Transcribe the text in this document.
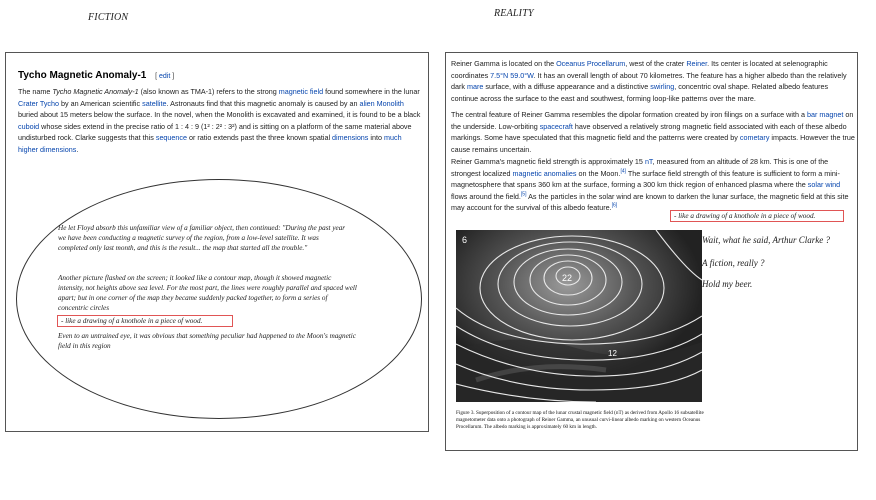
FICTION	REALITY
Tycho Magnetic Anomaly-1 [ edit ]
The name Tycho Magnetic Anomaly-1 (also known as TMA-1) refers to the strong magnetic field found somewhere in the lunar Crater Tycho by an American scientific satellite. Astronauts find that this magnetic anomaly is caused by an alien Monolith buried about 15 meters below the surface. In the novel, when the Monolith is excavated and examined, it is found to be a black cuboid whose sides extend in the precise ratio of 1 : 4 : 9 (1² : 2² : 3²) and is sitting on a platform of the same material above undisturbed rock. Clarke suggests that this sequence or ratio extends past the three known spatial dimensions into much higher dimensions.
He let Floyd absorb this unfamiliar view of a familiar object, then continued: "During the past year we have been conducting a magnetic survey of the region, from a low-level satellite. It was completed only last month, and this is the result... the map that started all the trouble."
Another picture flashed on the screen; it looked like a contour map, though it showed magnetic intensity, not heights above sea level. For the most part, the lines were roughly parallel and spaced well apart; but in one corner of the map they became suddenly packed together, to form a series of concentric circles
- like a drawing of a knothole in a piece of wood.
Even to an untrained eye, it was obvious that something peculiar had happened to the Moon's magnetic field in this region
Reiner Gamma is located on the Oceanus Procellarum, west of the crater Reiner. Its center is located at selenographic coordinates 7.5°N 59.0°W. It has an overall length of about 70 kilometres. The feature has a higher albedo than the relatively dark mare surface, with a diffuse appearance and a distinctive swirling, concentric oval shape. Related albedo features continue across the surface to the east and southwest, forming loop-like patterns over the mare.
The central feature of Reiner Gamma resembles the dipolar formation created by iron filings on a surface with a bar magnet on the underside. Low-orbiting spacecraft have observed a relatively strong magnetic field associated with each of these albedo markings. Some have speculated that this magnetic field and the patterns were created by cometary impacts. However the true cause remains uncertain.
Reiner Gamma's magnetic field strength is approximately 15 nT, measured from an altitude of 28 km. This is one of the strongest localized magnetic anomalies on the Moon.[4] The surface field strength of this feature is sufficient to form a mini-magnetosphere that spans 360 km at the surface, forming a 300 km thick region of enhanced plasma where the solar wind flows around the field.[5] As the particles in the solar wind are known to darken the lunar surface, the magnetic field at this site may account for the survival of this albedo feature.[6]
- like a drawing of a knothole in a piece of wood.
6
22
12
Figure 3. Superposition of a contour map of the lunar crustal magnetic field (nT) as derived from Apollo 16 subsatellite magnetometer data onto a photograph of Reiner Gamma, an unusual curvi-linear albedo marking on western Oceanus Procellarum. The albedo marking is approximately 60 km in length.
Wait, what he said, Arthur Clarke ?
A fiction, really ?
Hold my beer.
